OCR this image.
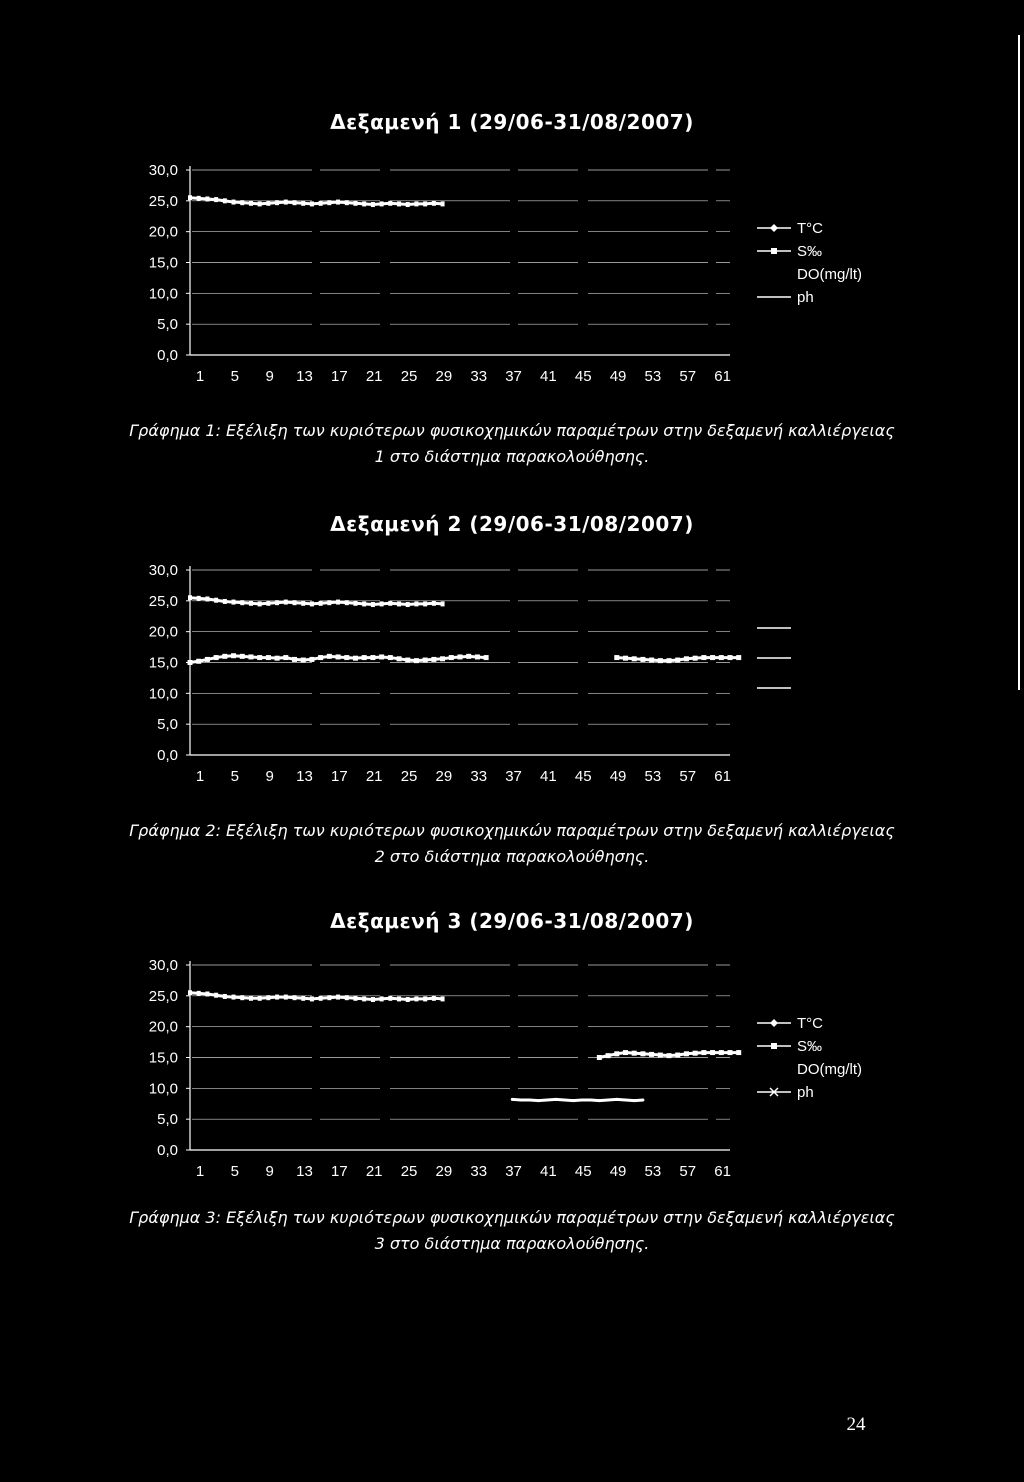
Δεξαμενή 1 (29/06-31/08/2007)
30,0
25,0
20,0
15,0
10,0
5,0
0,0
1 5 9 13 17 21 25 29 33 37 41 45 49 53 57 61
T°C
S‰
DO(mg/lt)
ph
Γράφημα 1: Εξέλιξη των κυριότερων φυσικοχημικών παραμέτρων στην δεξαμενή καλλιέργειας
1 στο διάστημα παρακολούθησης.
Δεξαμενή 2 (29/06-31/08/2007)
30,0
25,0
20,0
15,0
10,0
5,0
0,0
1 5 9 13 17 21 25 29 33 37 41 45 49 53 57 61
Γράφημα 2: Εξέλιξη των κυριότερων φυσικοχημικών παραμέτρων στην δεξαμενή καλλιέργειας
2 στο διάστημα παρακολούθησης.
Δεξαμενή 3 (29/06-31/08/2007)
30,0
25,0
20,0
15,0
10,0
5,0
0,0
1 5 9 13 17 21 25 29 33 37 41 45 49 53 57 61
T°C
S‰
DO(mg/lt)
ph
Γράφημα 3: Εξέλιξη των κυριότερων φυσικοχημικών παραμέτρων στην δεξαμενή καλλιέργειας
3 στο διάστημα παρακολούθησης.
24
